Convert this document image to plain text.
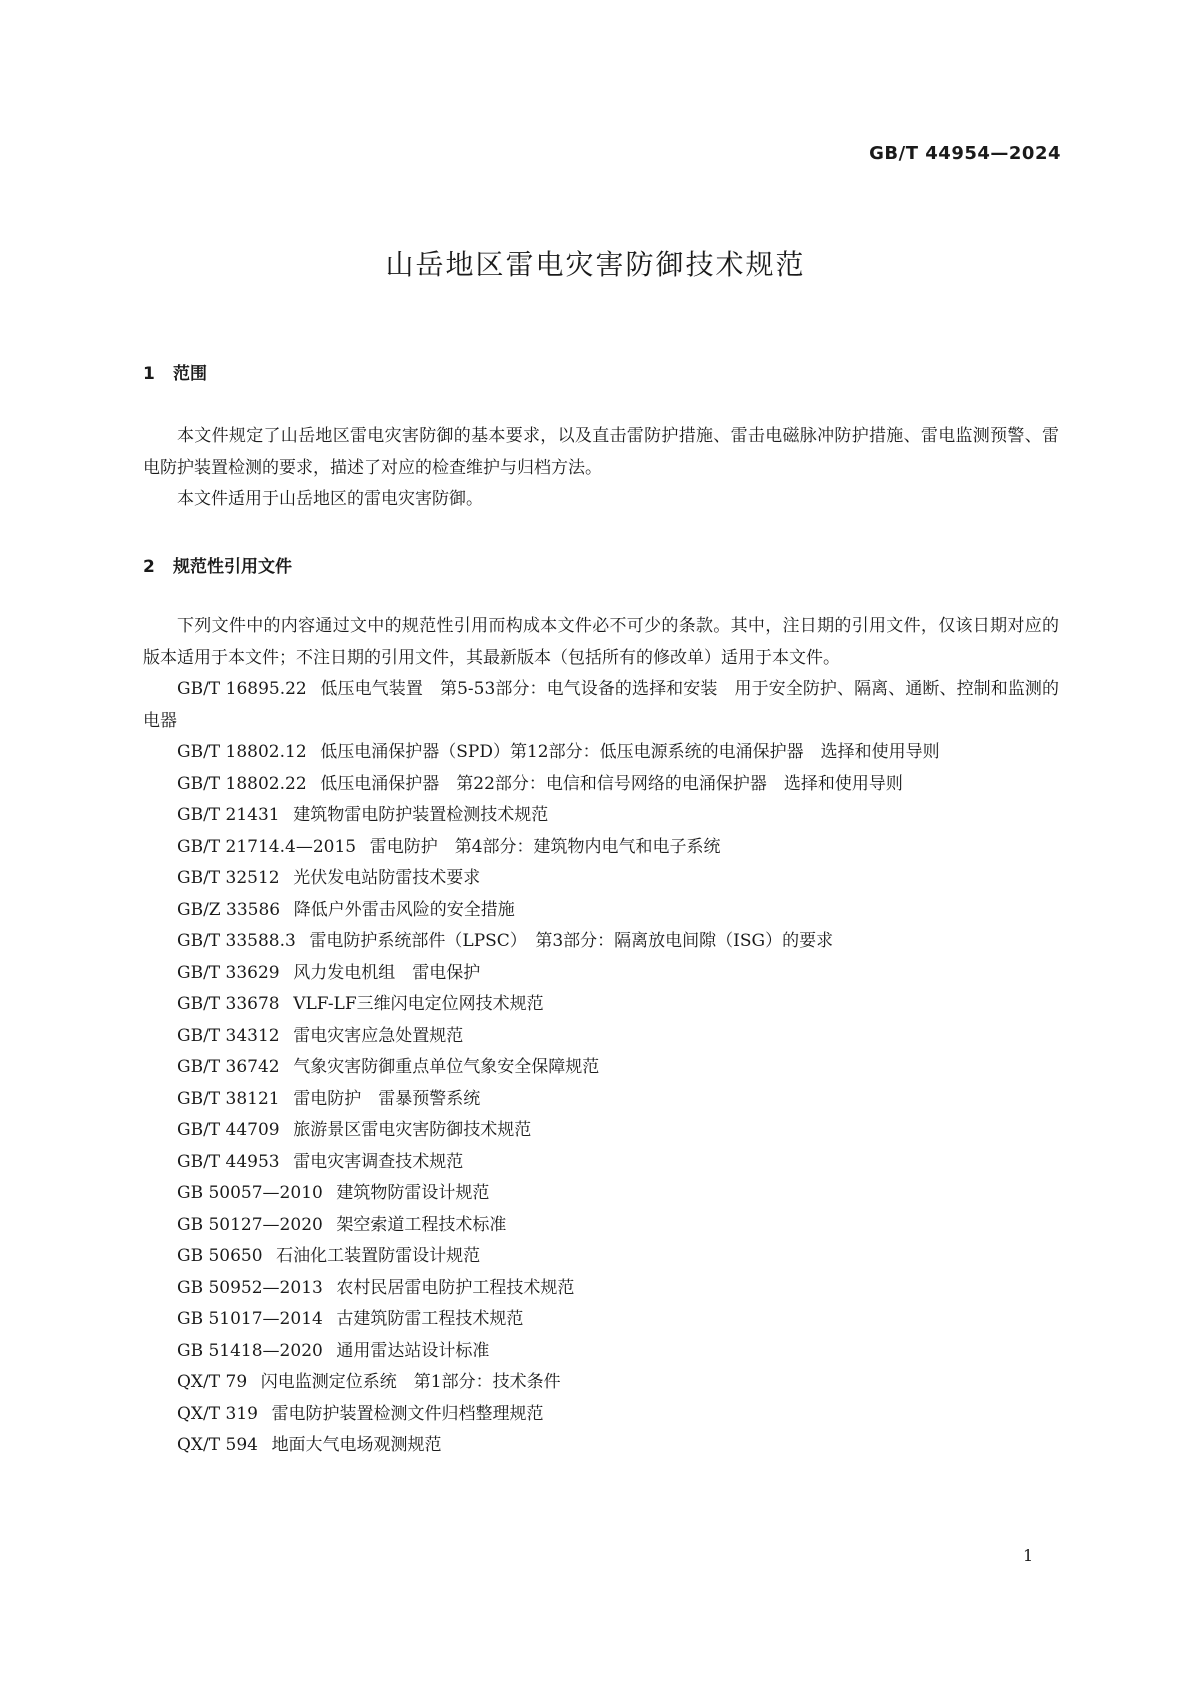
GB/T 44954—2024
山岳地区雷电灾害防御技术规范
1 范围

本文件规定了山岳地区雷电灾害防御的基本要求，以及直击雷防护措施、雷击电磁脉冲防护措施、雷电监测预警、雷电防护装置检测的要求，描述了对应的检查维护与归档方法。

本文件适用于山岳地区的雷电灾害防御。

2 规范性引用文件

下列文件中的内容通过文中的规范性引用而构成本文件必不可少的条款。其中，注日期的引用文件，仅该日期对应的版本适用于本文件；不注日期的引用文件，其最新版本（包括所有的修改单）适用于本文件。

GB/T 16895.22 低压电气装置　第5-53部分：电气设备的选择和安装　用于安全防护、隔离、通断、控制和监测的电器
GB/T 18802.12 低压电涌保护器（SPD）第12部分：低压电源系统的电涌保护器　选择和使用导则
GB/T 18802.22 低压电涌保护器　第22部分：电信和信号网络的电涌保护器　选择和使用导则
GB/T 21431 建筑物雷电防护装置检测技术规范
GB/T 21714.4—2015 雷电防护　第4部分：建筑物内电气和电子系统
GB/T 32512 光伏发电站防雷技术要求
GB/Z 33586 降低户外雷击风险的安全措施
GB/T 33588.3 雷电防护系统部件（LPSC）　第3部分：隔离放电间隙（ISG）的要求
GB/T 33629 风力发电机组　雷电保护
GB/T 33678 VLF-LF三维闪电定位网技术规范
GB/T 34312 雷电灾害应急处置规范
GB/T 36742 气象灾害防御重点单位气象安全保障规范
GB/T 38121 雷电防护　雷暴预警系统
GB/T 44709 旅游景区雷电灾害防御技术规范
GB/T 44953 雷电灾害调查技术规范
GB 50057—2010 建筑物防雷设计规范
GB 50127—2020 架空索道工程技术标准
GB 50650 石油化工装置防雷设计规范
GB 50952—2013 农村民居雷电防护工程技术规范
GB 51017—2014 古建筑防雷工程技术规范
GB 51418—2020 通用雷达站设计标准
QX/T 79 闪电监测定位系统　第1部分：技术条件
QX/T 319 雷电防护装置检测文件归档整理规范
QX/T 594 地面大气电场观测规范
1
